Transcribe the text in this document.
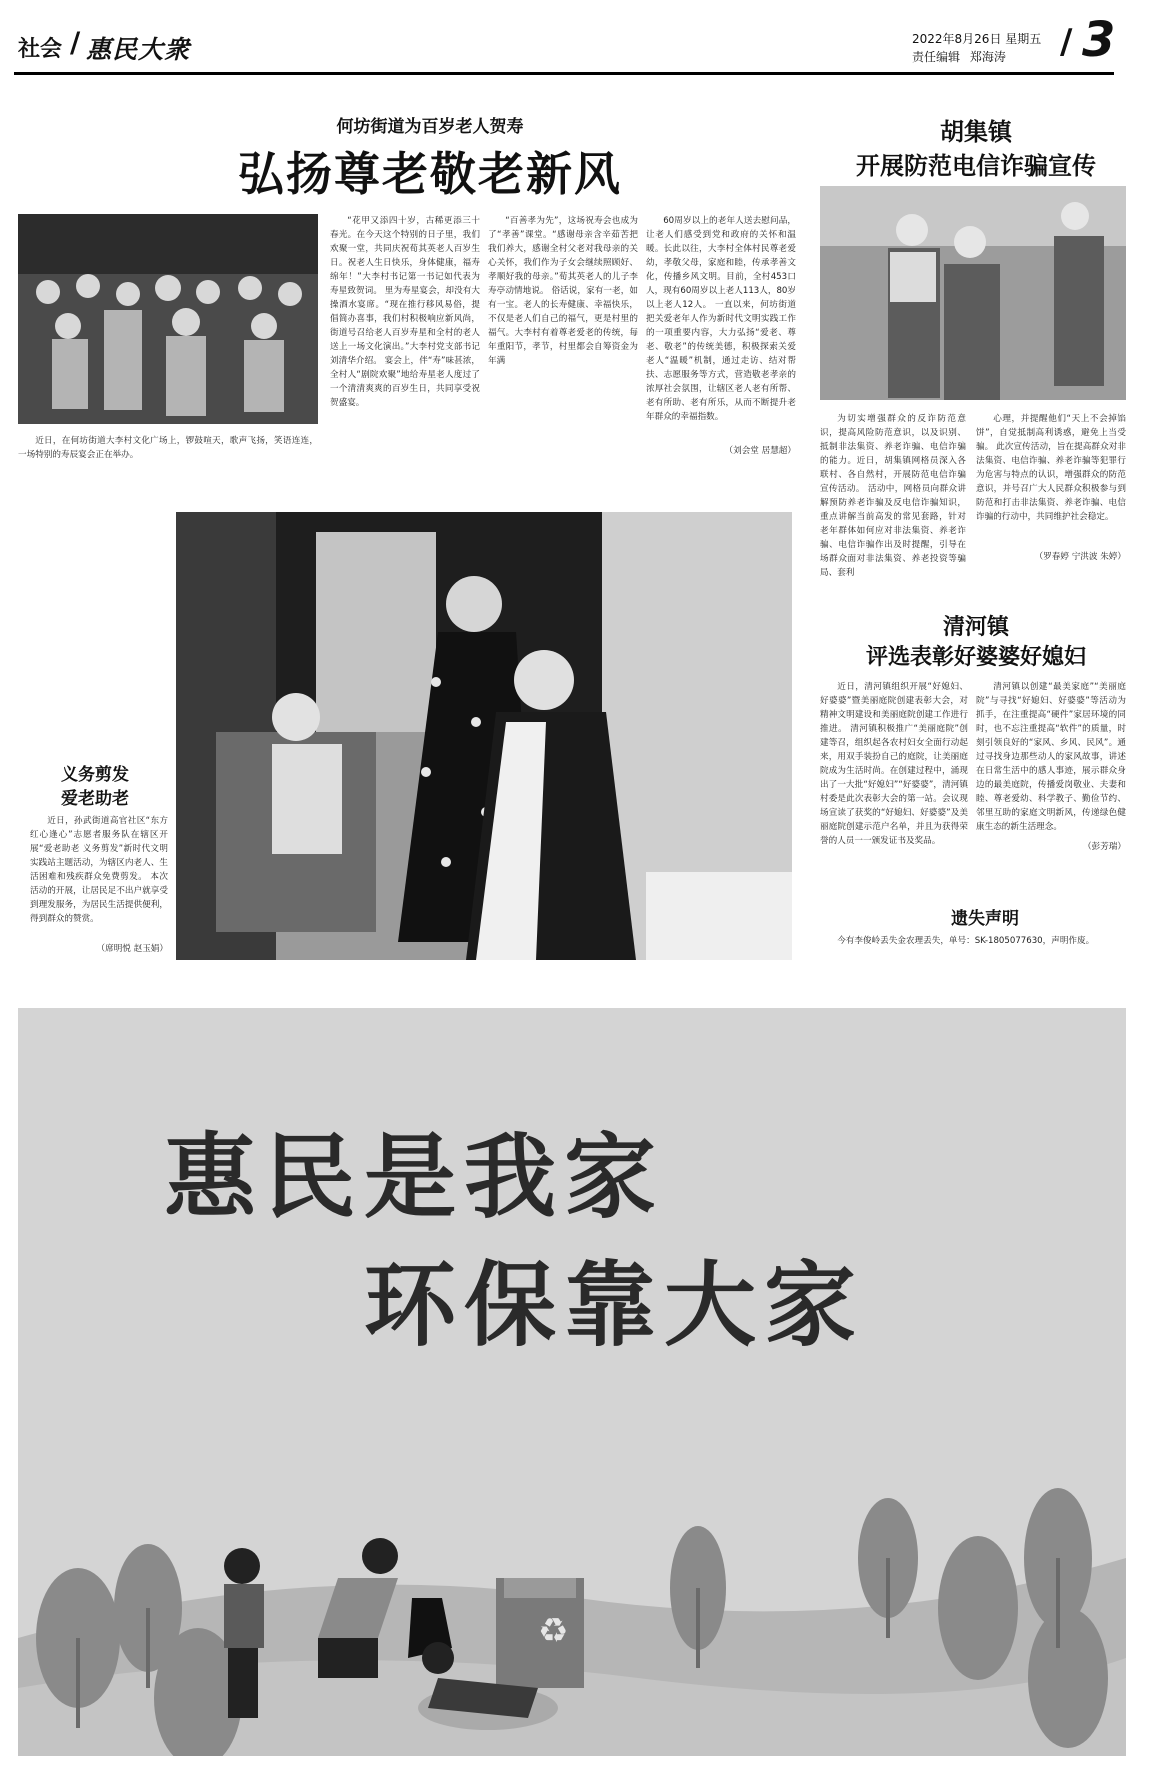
社会 / 惠民大衆	2022年8月26日 星期五
责任编辑 郑海涛 / 3
何坊街道为百岁老人贺寿
弘扬尊老敬老新风
近日，在何坊街道大李村文化广场上，锣鼓喧天，歌声飞扬，笑语连连，一场特别的寿辰宴会正在举办。
“花甲又添四十岁，古稀更添三十春光。在今天这个特别的日子里，我们欢聚一堂，共同庆祝荀其英老人百岁生日。祝老人生日快乐，身体健康，福寿绵年！”大李村书记第一书记如代表为寿星致贺词。 里为寿星宴会，却没有大操酒水宴席。“现在推行移风易俗，提倡简办喜事，我们村积极响应新风尚，街道号召给老人百岁寿星和全村的老人送上一场文化演出。”大李村党支部书记刘清华介绍。 宴会上，伴“寿”味甚浓，全村人“剧院欢聚”地给寿星老人度过了一个清清爽爽的百岁生日，共同享受祝贺盛宴。
“百善孝为先”，这场祝寿会也成为了“孝善”课堂。“感谢母亲含辛茹苦把我们养大，感谢全村父老对我母亲的关心关怀，我们作为子女会继续照顾好、孝顺好我的母亲。”荀其英老人的儿子李寿亭动情地说。 俗话说，家有一老，如有一宝。老人的长寿健康、幸福快乐，不仅是老人们自己的福气，更是村里的福气。大李村有着尊老爱老的传统，每年重阳节，孝节，村里都会自筹资金为年满
60周岁以上的老年人送去慰问品，让老人们感受到党和政府的关怀和温暖。长此以往，大李村全体村民尊老爱幼，孝敬父母，家庭和睦，传承孝善文化，传播乡风文明。目前，全村453口人，现有60周岁以上老人113人，80岁以上老人12人。 一直以来，何坊街道把关爱老年人作为新时代文明实践工作的一项重要内容，大力弘扬“爱老、尊老、敬老”的传统美德，积极探索关爱老人“温暖”机制，通过走访、结对帮扶、志愿服务等方式，营造敬老孝亲的浓厚社会氛围，让辖区老人老有所帮、老有所助、老有所乐，从而不断提升老年群众的幸福指数。
（刘会堂 居慧超）
胡集镇
开展防范电信诈骗宣传
为切实增强群众的反诈防范意识，提高风险防范意识，以及识别、抵制非法集资、养老诈骗、电信诈骗的能力。近日，胡集镇网格员深入各联村、各自然村，开展防范电信诈骗宣传活动。 活动中，网格员向群众讲解预防养老诈骗及反电信诈骗知识，重点讲解当前高发的常见套路，针对老年群体如何应对非法集资、养老诈骗、电信诈骗作出及时提醒，引导在场群众面对非法集资、养老投资等骗局、套利
心理，并提醒他们“天上不会掉馅饼”，自觉抵制高利诱惑，避免上当受骗。 此次宣传活动，旨在提高群众对非法集资、电信诈骗、养老诈骗等犯罪行为危害与特点的认识，增强群众的防范意识，并号召广大人民群众积极参与到防范和打击非法集资、养老诈骗、电信诈骗的行动中，共同维护社会稳定。
（罗春婷 宁洪波 朱婷）
清河镇
评选表彰好婆婆好媳妇
近日，清河镇组织开展“好媳妇、好婆婆”暨美丽庭院创建表彰大会，对精神文明建设和美丽庭院创建工作进行推进。 清河镇积极推广“美丽庭院”创建等召，组织起各农村妇女全面行动起来，用双手装扮自己的庭院，让美丽庭院成为生活时尚。在创建过程中，涌现出了一大批“好媳妇”“好婆婆”，清河镇村委是此次表彰大会的第一站。会议现场宣读了获奖的“好媳妇、好婆婆”及美丽庭院创建示范户名单，并且为获得荣誉的人员一一颁发证书及奖品。
清河镇以创建“最美家庭”“美丽庭院”与寻找“好媳妇、好婆婆”等活动为抓手，在注重提高“硬件”家居环境的同时，也不忘注重提高“软件”的质量，时刻引领良好的“家风、乡风、民风”。通过寻找身边那些动人的家风故事，讲述在日常生活中的感人事迹，展示群众身边的最美庭院，传播爱岗敬业、夫妻和睦、尊老爱幼、科学教子、勤俭节约、邻里互助的家庭文明新风，传递绿色健康生态的新生活理念。
（彭芳瑞）
遗失声明
今有李俊岭丢失金农理丢失，单号：SK-1805077630，声明作废。
义务剪发
爱老助老
近日，孙武街道高官社区“东方红心逢心”志愿者服务队在辖区开展“爱老助老 义务剪发”新时代文明实践站主题活动，为辖区内老人、生活困难和残疾群众免费剪发。 本次活动的开展，让居民足不出户就享受到理发服务，为居民生活提供便利，得到群众的赞赏。
（席明悦 赵玉娟）
惠民是我家
环保靠大家
♻
